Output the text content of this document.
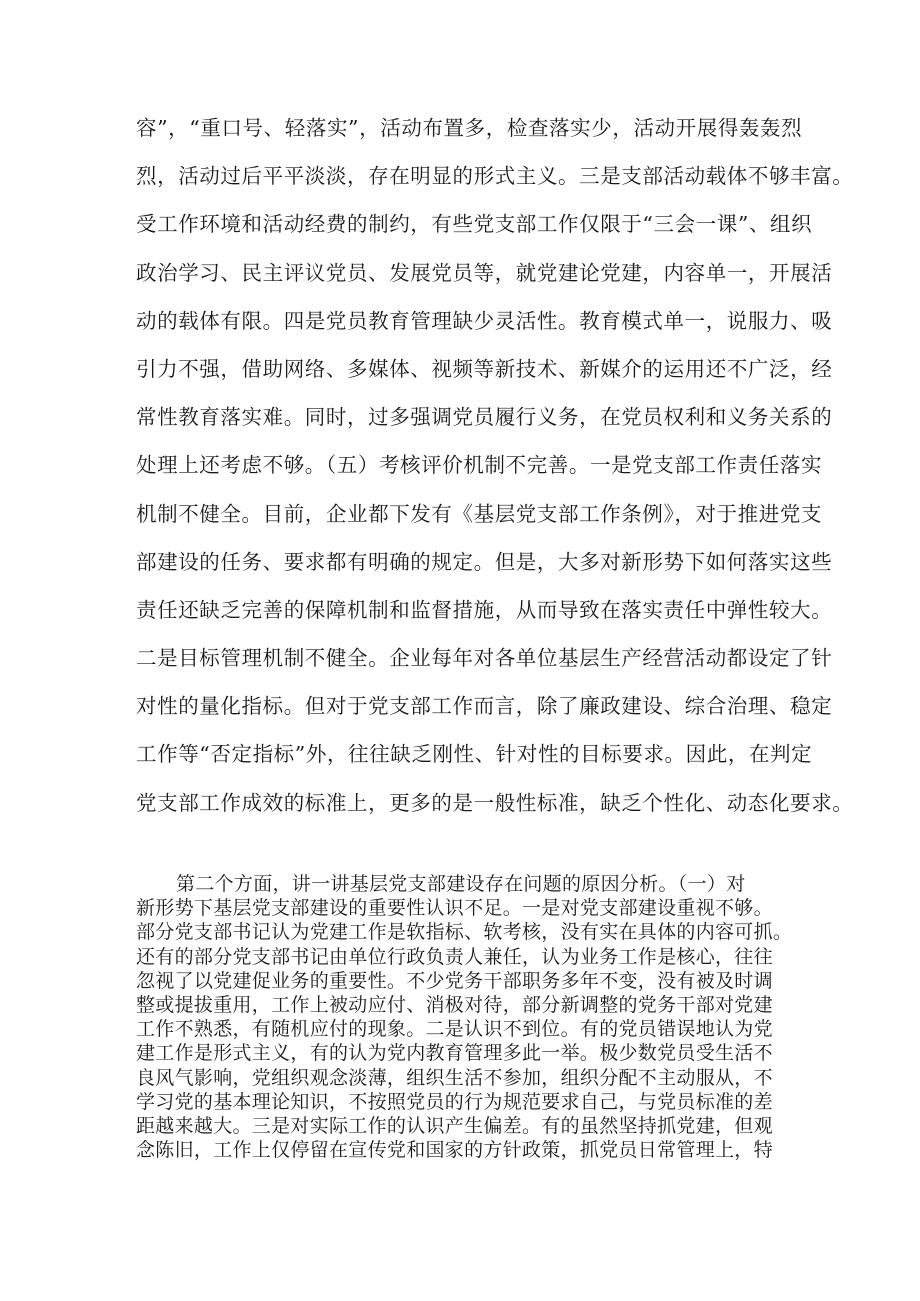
容”，“重口号、轻落实”，活动布置多，检查落实少，活动开展得轰轰烈
烈，活动过后平平淡淡，存在明显的形式主义。三是支部活动载体不够丰富。
受工作环境和活动经费的制约，有些党支部工作仅限于“三会一课”、组织
政治学习、民主评议党员、发展党员等，就党建论党建，内容单一，开展活
动的载体有限。四是党员教育管理缺少灵活性。教育模式单一，说服力、吸
引力不强，借助网络、多媒体、视频等新技术、新媒介的运用还不广泛，经
常性教育落实难。同时，过多强调党员履行义务，在党员权利和义务关系的
处理上还考虑不够。（五）考核评价机制不完善。一是党支部工作责任落实
机制不健全。目前，企业都下发有《基层党支部工作条例》，对于推进党支
部建设的任务、要求都有明确的规定。但是，大多对新形势下如何落实这些
责任还缺乏完善的保障机制和监督措施，从而导致在落实责任中弹性较大。
二是目标管理机制不健全。企业每年对各单位基层生产经营活动都设定了针
对性的量化指标。但对于党支部工作而言，除了廉政建设、综合治理、稳定
工作等“否定指标”外，往往缺乏刚性、针对性的目标要求。因此，在判定
党支部工作成效的标准上，更多的是一般性标准，缺乏个性化、动态化要求。
第二个方面，讲一讲基层党支部建设存在问题的原因分析。（一）对
新形势下基层党支部建设的重要性认识不足。一是对党支部建设重视不够。
部分党支部书记认为党建工作是软指标、软考核，没有实在具体的内容可抓。
还有的部分党支部书记由单位行政负责人兼任，认为业务工作是核心，往往
忽视了以党建促业务的重要性。不少党务干部职务多年不变，没有被及时调
整或提拔重用，工作上被动应付、消极对待，部分新调整的党务干部对党建
工作不熟悉，有随机应付的现象。二是认识不到位。有的党员错误地认为党
建工作是形式主义，有的认为党内教育管理多此一举。极少数党员受生活不
良风气影响，党组织观念淡薄，组织生活不参加，组织分配不主动服从，不
学习党的基本理论知识，不按照党员的行为规范要求自己，与党员标准的差
距越来越大。三是对实际工作的认识产生偏差。有的虽然坚持抓党建，但观
念陈旧，工作上仅停留在宣传党和国家的方针政策，抓党员日常管理上，特
